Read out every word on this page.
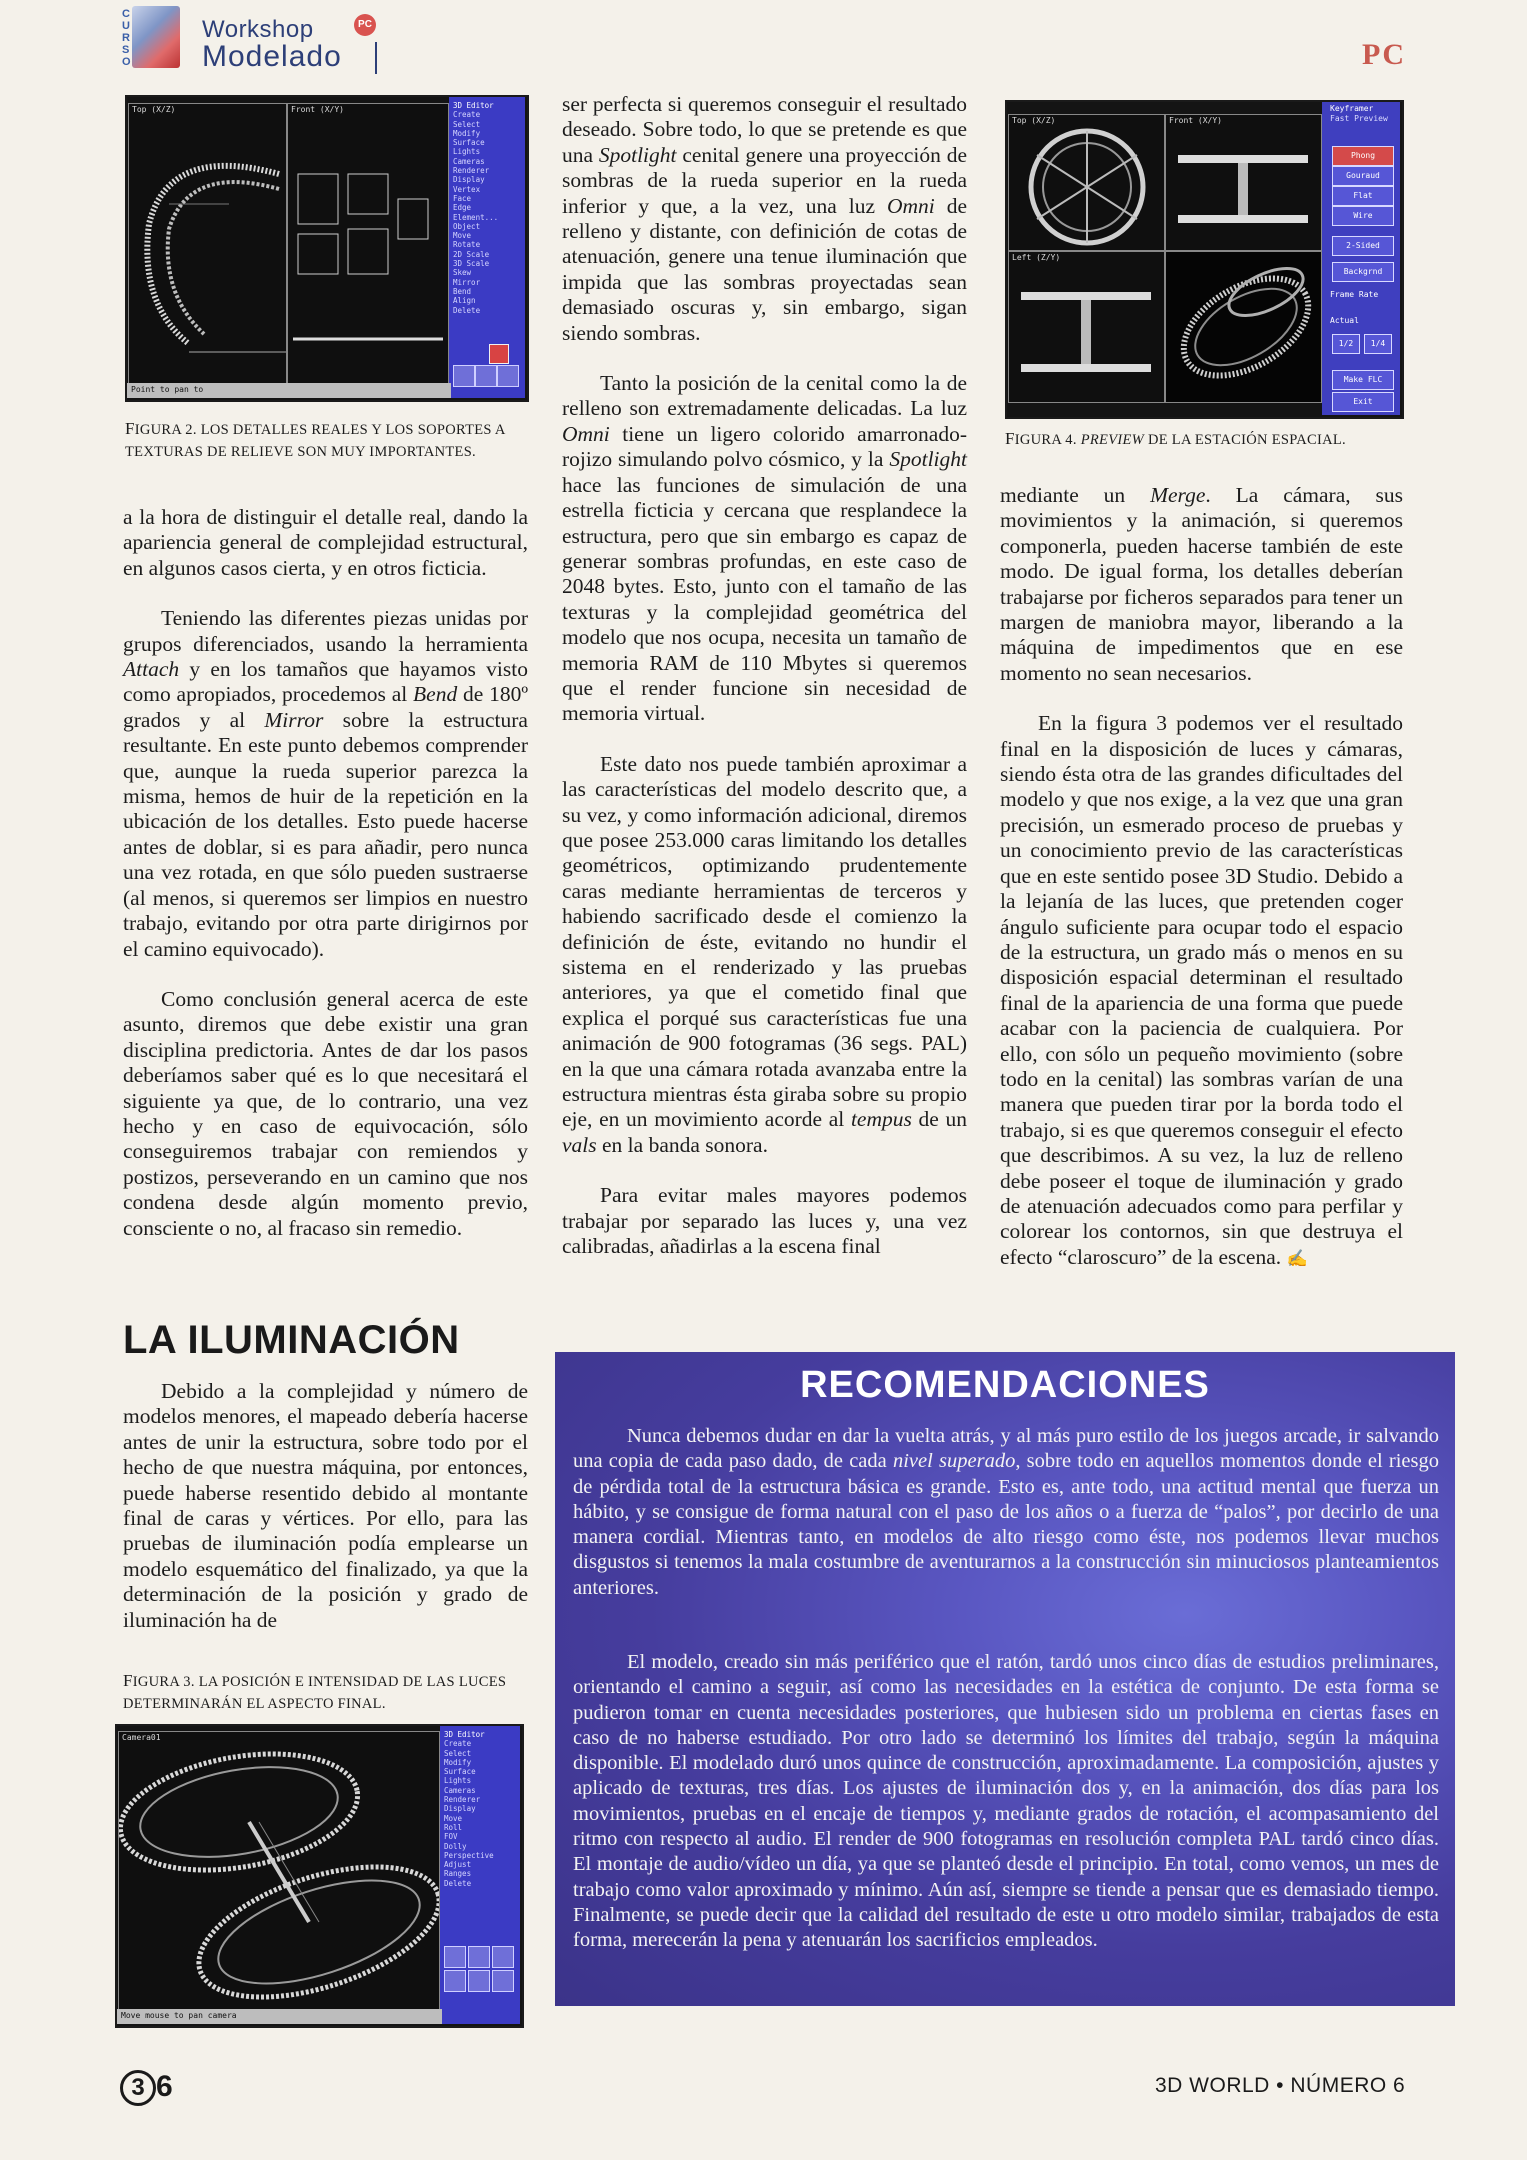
C
U
R
S
O
Workshop
Modelado
PC
PC
Top (X/Z)	Front (X/Y)	3D Editor
Create
Select
Modify
Surface
Lights
Cameras
Renderer
Display
Vertex
Face
Edge
Element...
Object
Move
Rotate
2D Scale
3D Scale
Skew
Mirror
Bend
Align
Delete
Point to pan to

FIGURA 2. LOS DETALLES REALES Y LOS SOPORTES A TEXTURAS DE RELIEVE SON MUY IMPORTANTES.

a la hora de distinguir el detalle real, dando la apariencia general de complejidad estructural, en algunos casos cierta, y en otros ficticia.

Teniendo las diferentes piezas unidas por grupos diferenciados, usando la herramienta Attach y en los tamaños que hayamos visto como apropiados, procedemos al Bend de 180º grados y al Mirror sobre la estructura resultante. En este punto debemos comprender que, aunque la rueda superior parezca la misma, hemos de huir de la repetición en la ubicación de los detalles. Esto puede hacerse antes de doblar, si es para añadir, pero nunca una vez rotada, en que sólo pueden sustraerse (al menos, si queremos ser limpios en nuestro trabajo, evitando por otra parte dirigirnos por el camino equivocado).

Como conclusión general acerca de este asunto, diremos que debe existir una gran disciplina predictoria. Antes de dar los pasos deberíamos saber qué es lo que necesitará el siguiente ya que, de lo contrario, una vez hecho y en caso de equivocación, sólo conseguiremos trabajar con remiendos y postizos, perseverando en un camino que nos condena desde algún momento previo, consciente o no, al fracaso sin remedio.

LA ILUMINACIÓN

Debido a la complejidad y número de modelos menores, el mapeado debería hacerse antes de unir la estructura, sobre todo por el hecho de que nuestra máquina, por entonces, puede haberse resentido debido al montante final de caras y vértices. Por ello, para las pruebas de iluminación podía emplearse un modelo esquemático del finalizado, ya que la determinación de la posición y grado de iluminación ha de

FIGURA 3. LA POSICIÓN E INTENSIDAD DE LAS LUCES DETERMINARÁN EL ASPECTO FINAL.

Camera01	3D Editor
Create
Select
Modify
Surface
Lights
Cameras
Renderer
Display
Move
Roll
FOV
Dolly
Perspective
Adjust
Ranges
Delete
Move mouse to pan camera

ser perfecta si queremos conseguir el resultado deseado. Sobre todo, lo que se pretende es que una Spotlight cenital genere una proyección de sombras de la rueda superior en la rueda inferior y que, a la vez, una luz Omni de relleno y distante, con definición de cotas de atenuación, genere una tenue iluminación que impida que las sombras proyectadas sean demasiado oscuras y, sin embargo, sigan siendo sombras.

Tanto la posición de la cenital como la de relleno son extremadamente delicadas. La luz Omni tiene un ligero colorido amarronado-rojizo simulando polvo cósmico, y la Spotlight hace las funciones de simulación de una estrella ficticia y cercana que resplandece la estructura, pero que sin embargo es capaz de generar sombras profundas, en este caso de 2048 bytes. Esto, junto con el tamaño de las texturas y la complejidad geométrica del modelo que nos ocupa, necesita un tamaño de memoria RAM de 110 Mbytes si queremos que el render funcione sin necesidad de memoria virtual.

Este dato nos puede también aproximar a las características del modelo descrito que, a su vez, y como información adicional, diremos que posee 253.000 caras limitando los detalles geométricos, optimizando prudentemente caras mediante herramientas de terceros y habiendo sacrificado desde el comienzo la definición de éste, evitando no hundir el sistema en el renderizado y las pruebas anteriores, ya que el cometido final que explica el porqué sus características fue una animación de 900 fotogramas (36 segs. PAL) en la que una cámara rotada avanzaba entre la estructura mientras ésta giraba sobre su propio eje, en un movimiento acorde al tempus de un vals en la banda sonora.

Para evitar males mayores podemos trabajar por separado las luces y, una vez calibradas, añadirlas a la escena final

Top (X/Z)	Front (X/Y)
Left (Z/Y)
Keyframer
Fast Preview
Phong
Gouraud
Flat
Wire
2-Sided
Backgrnd
Frame Rate
Actual
1/2	1/4
Make FLC
Exit

FIGURA 4. PREVIEW DE LA ESTACIÓN ESPACIAL.

mediante un Merge. La cámara, sus movimientos y la animación, si queremos componerla, pueden hacerse también de este modo. De igual forma, los detalles deberían trabajarse por ficheros separados para tener un margen de maniobra mayor, liberando a la máquina de impedimentos que en ese momento no sean necesarios.

En la figura 3 podemos ver el resultado final en la disposición de luces y cámaras, siendo ésta otra de las grandes dificultades del modelo y que nos exige, a la vez que una gran precisión, un esmerado proceso de pruebas y un conocimiento previo de las características que en este sentido posee 3D Studio. Debido a la lejanía de las luces, que pretenden coger ángulo suficiente para ocupar todo el espacio de la estructura, un grado más o menos en su disposición espacial determinan el resultado final de la apariencia de una forma que puede acabar con la paciencia de cualquiera. Por ello, con sólo un pequeño movimiento (sobre todo en la cenital) las sombras varían de una manera que pueden tirar por la borda todo el trabajo, si es que queremos conseguir el efecto que describimos. A su vez, la luz de relleno debe poseer el toque de iluminación y grado de atenuación adecuados como para perfilar y colorear los contornos, sin que destruya el efecto “claroscuro” de la escena. ✍

RECOMENDACIONES

Nunca debemos dudar en dar la vuelta atrás, y al más puro estilo de los juegos arcade, ir salvando una copia de cada paso dado, de cada nivel superado, sobre todo en aquellos momentos donde el riesgo de pérdida total de la estructura básica es grande. Esto es, ante todo, una actitud mental que fuerza un hábito, y se consigue de forma natural con el paso de los años o a fuerza de “palos”, por decirlo de una manera cordial. Mientras tanto, en modelos de alto riesgo como éste, nos podemos llevar muchos disgustos si tenemos la mala costumbre de aventurarnos a la construcción sin minuciosos planteamientos anteriores.

El modelo, creado sin más periférico que el ratón, tardó unos cinco días de estudios preliminares, orientando el camino a seguir, así como las necesidades en la estética de conjunto. De esta forma se pudieron tomar en cuenta necesidades posteriores, que hubiesen sido un problema en ciertas fases en caso de no haberse estudiado. Por otro lado se determinó los límites del trabajo, según la máquina disponible. El modelado duró unos quince de construcción, aproximadamente. La composición, ajustes y aplicado de texturas, tres días. Los ajustes de iluminación dos y, en la animación, dos días para los movimientos, pruebas en el encaje de tiempos y, mediante grados de rotación, el acompasamiento del ritmo con respecto al audio. El render de 900 fotogramas en resolución completa PAL tardó cinco días. El montaje de audio/vídeo un día, ya que se planteó desde el principio. En total, como vemos, un mes de trabajo como valor aproximado y mínimo. Aún así, siempre se tiende a pensar que es demasiado tiempo. Finalmente, se puede decir que la calidad del resultado de este u otro modelo similar, trabajados de esta forma, merecerán la pena y atenuarán los sacrificios empleados.

3 6	3D WORLD • NÚMERO 6
